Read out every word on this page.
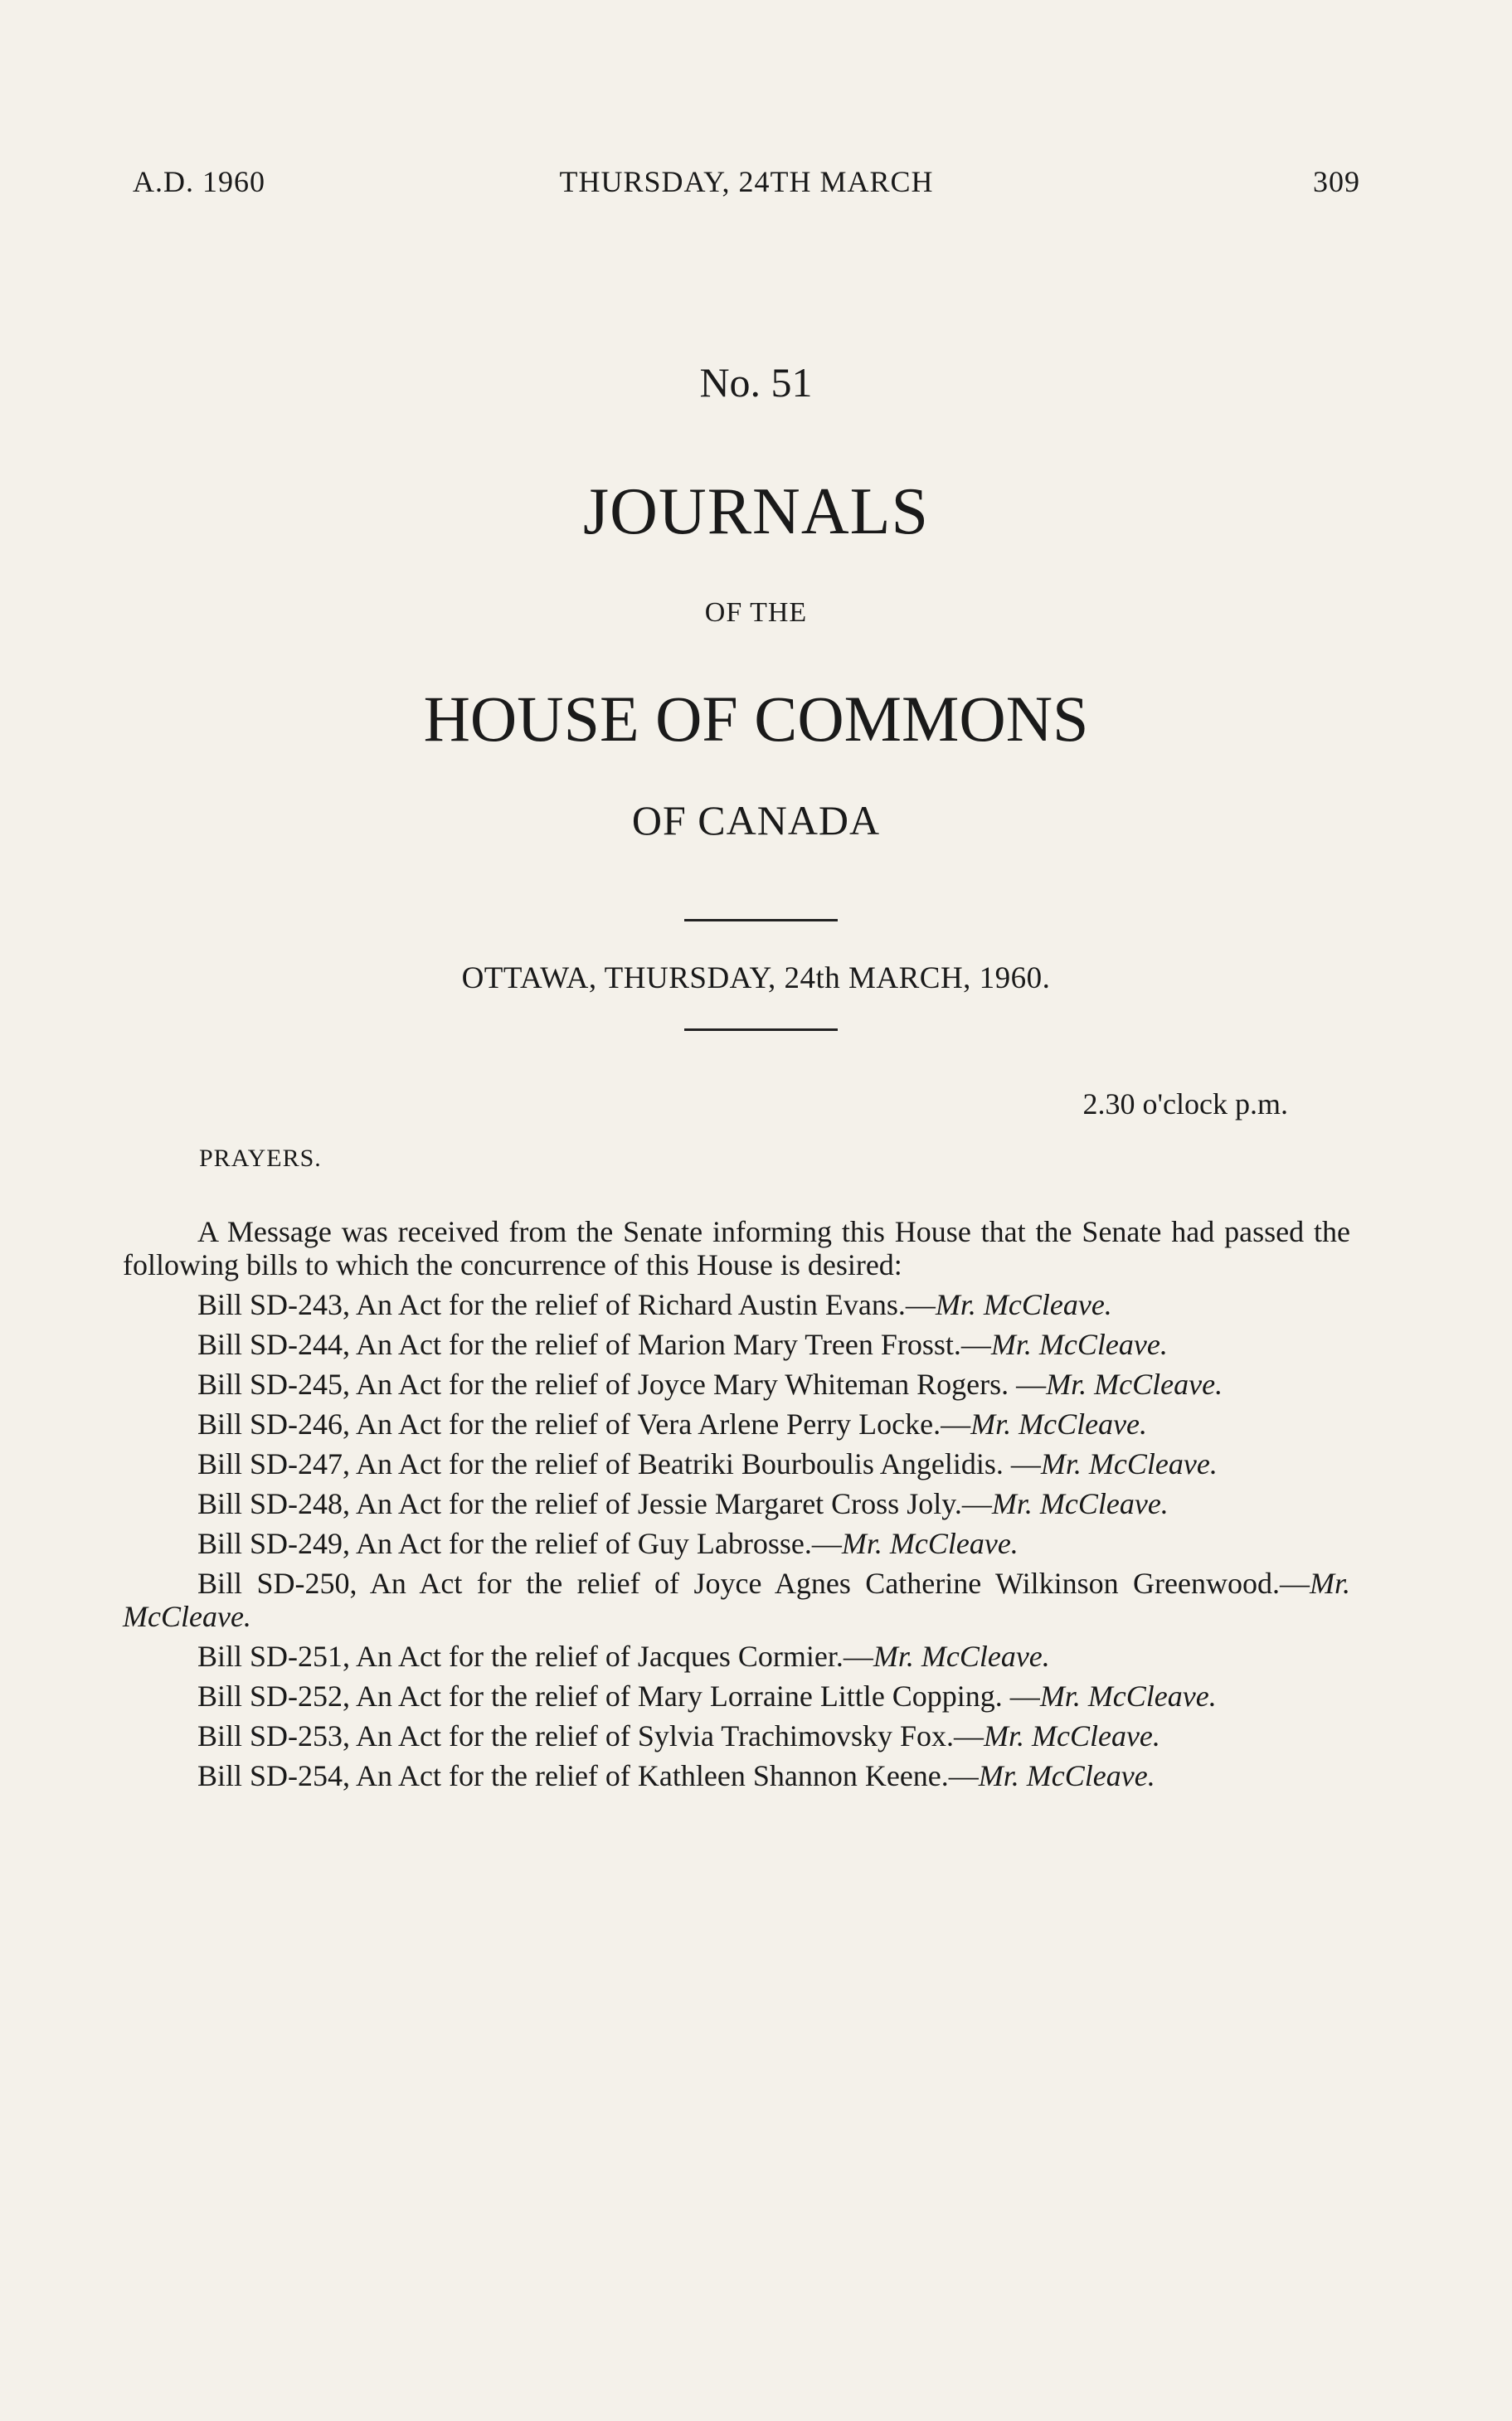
A.D. 1960	THURSDAY, 24TH MARCH	309
No. 51
JOURNALS
OF THE
HOUSE OF COMMONS
OF CANADA
OTTAWA, THURSDAY, 24th MARCH, 1960.
2.30 o'clock p.m.
PRAYERS.

A Message was received from the Senate informing this House that the Senate had passed the following bills to which the concurrence of this House is desired:

Bill SD-243, An Act for the relief of Richard Austin Evans.—Mr. McCleave.

Bill SD-244, An Act for the relief of Marion Mary Treen Frosst.—Mr. McCleave.

Bill SD-245, An Act for the relief of Joyce Mary Whiteman Rogers. —Mr. McCleave.

Bill SD-246, An Act for the relief of Vera Arlene Perry Locke.—Mr. McCleave.

Bill SD-247, An Act for the relief of Beatriki Bourboulis Angelidis. —Mr. McCleave.

Bill SD-248, An Act for the relief of Jessie Margaret Cross Joly.—Mr. McCleave.

Bill SD-249, An Act for the relief of Guy Labrosse.—Mr. McCleave.

Bill SD-250, An Act for the relief of Joyce Agnes Catherine Wilkinson Greenwood.—Mr. McCleave.

Bill SD-251, An Act for the relief of Jacques Cormier.—Mr. McCleave.

Bill SD-252, An Act for the relief of Mary Lorraine Little Copping. —Mr. McCleave.

Bill SD-253, An Act for the relief of Sylvia Trachimovsky Fox.—Mr. McCleave.

Bill SD-254, An Act for the relief of Kathleen Shannon Keene.—Mr. McCleave.
